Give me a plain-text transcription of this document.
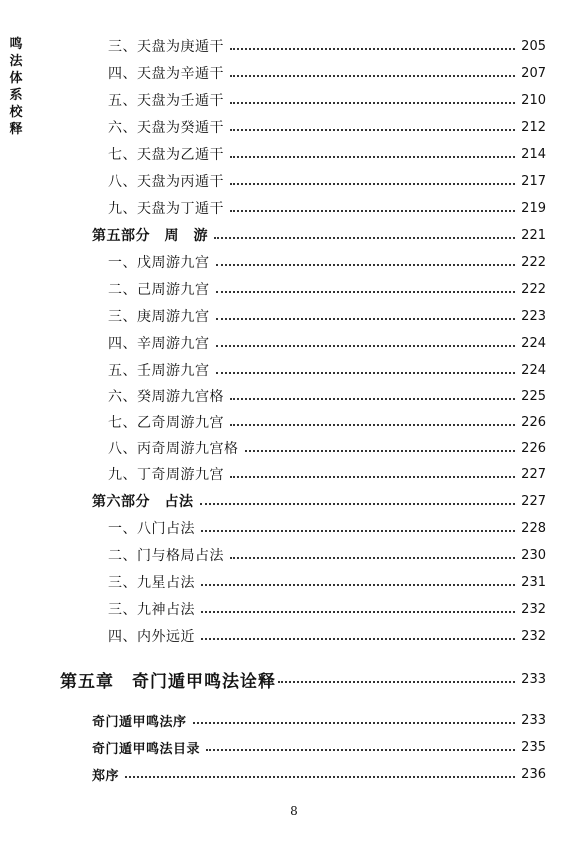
鸣法体系校释
三、天盘为庚遁干	205
四、天盘为辛遁干	207
五、天盘为壬遁干	210
六、天盘为癸遁干	212
七、天盘为乙遁干	214
八、天盘为丙遁干	217
九、天盘为丁遁干	219
第五部分　周　游	221
一、戊周游九宫	222
二、己周游九宫	222
三、庚周游九宫	223
四、辛周游九宫	224
五、壬周游九宫	224
六、癸周游九宫格	225
七、乙奇周游九宫	226
八、丙奇周游九宫格	226
九、丁奇周游九宫	227
第六部分　占法	227
一、八门占法	228
二、门与格局占法	230
三、九星占法	231
三、九神占法	232
四、内外远近	232
第五章　奇门遁甲鸣法诠释	233
奇门遁甲鸣法序	233
奇门遁甲鸣法目录	235
郑序	236
8
